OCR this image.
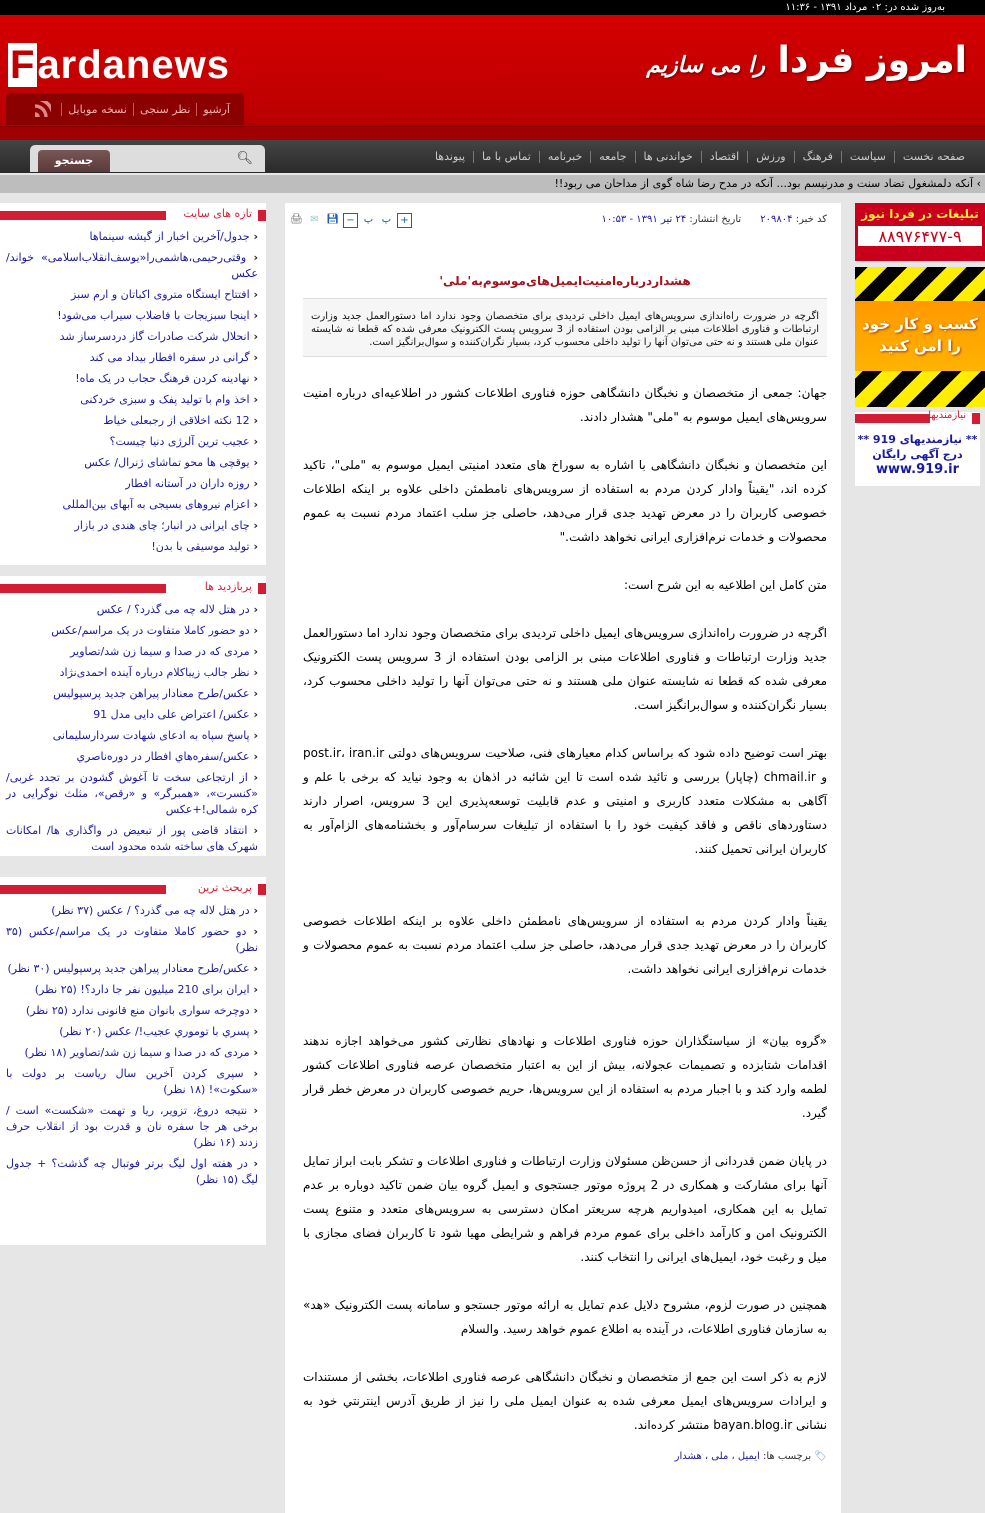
به‌روز شده در: ۰۲ مرداد ۱۳۹۱ - ۱۱:۳۶
Fardanews	امروز فردا را می سازیم
آرشیو
نظر سنجی
نسخه موبایل
صفحه نخست
سیاست
فرهنگ
ورزش
اقتصاد
خواندنی ها
جامعه
خبرنامه
تماس با ما
پیوندها
جستجو	🔍︎
› آنکه دلمشغول تضاد سنت و مدرنیسم بود... آنکه در مدح رضا شاه گوی از مداحان می ربود!!
تازه های سایت
‹ جدول/آخرین اخبار از گیشه سینماها
‹ وقتی‌رحیمی،هاشمی‌را«یوسف‌انقلاب‌اسلامی» خواند/عکس
‹ افتتاح ایستگاه متروی اکباتان و ارم سبز
‹ اینجا سبزیجات با فاضلاب سیراب می‌شود!
‹ انحلال شرکت صادرات گاز دردسرساز شد
‹ گرانی در سفره افطار بیداد می کند
‹ نهادینه کردن فرهنگ حجاب در یک ماه!
‹ اخذ وام با تولید پفک و سبزی خردکنی
‹ 12 نکته اخلاقی از رجبعلی خیاط
‹ عجیب ترین آلرژی دنیا چیست؟
‹ یوقچی ها محو تماشای ژنرال/ عکس
‹ روزه داران در آستانه افطار
‹ اعزام نیروهای بسیجی به آبهای بین‌المللی
‹ چای ایرانی در انبار؛ چای هندی در بازار
‹ تولید موسیقی با بدن!
پربازدید ها
‹ در هتل لاله چه می گذرد؟ / عکس
‹ دو حضور کاملا متفاوت در یک مراسم/عکس
‹ مردی که در صدا و سیما زن شد/تصاویر
‹ نظر جالب زیباکلام درباره آینده احمدی‌نژاد
‹ عکس/طرح معنادار پیراهن جدید پرسپولیس
‹ عکس/ اعتراض علی دایی مدل 91
‹ پاسخ سپاه به ادعای شهادت سردارسلیمانی
‹ عکس/سفره‌هاي افطار در دوره‌ناصري
‹ از ارتجاعی سخت تا آغوش گشودن بر تجدد غربی/ «کنسرت»، «همبرگر» و «رقص»، مثلث نوگرایی در کره شمالی!+عکس
‹ انتقاد قاضی پور از تبعیض در واگذاری ها/ امکانات شهرک های ساخته شده محدود است
پربحث ترین
‹ در هتل لاله چه می گذرد؟ / عکس (۳۷ نظر)
‹ دو حضور کاملا متفاوت در یک مراسم/عکس (۳۵ نظر)
‹ عکس/طرح معنادار پیراهن جدید پرسپولیس (۳۰ نظر)
‹ ایران برای 210 میلیون نفر جا دارد؟! (۲۵ نظر)
‹ دوچرخه سواری بانوان منع قانونی ندارد (۲۵ نظر)
‹ پسري با توموري عجيب!/ عكس (۲۰ نظر)
‹ مردی که در صدا و سیما زن شد/تصاویر (۱۸ نظر)
‹ سپری کردن آخرین سال ریاست بر دولت با «سکوت»! (۱۸ نظر)
‹ نتیجه دروغ، تزویر، ریا و تهمت «شکست» است / برخی هر جا سفره نان و قدرت بود از انقلاب حرف زدند (۱۶ نظر)
‹ در هفته اول لیگ برتر فوتبال چه گذشت؟ + جدول لیگ (۱۵ نظر)
کد خبر: ۲۰۹۸۰۴      تاریخ انتشار: ۲۴ تیر ۱۳۹۱ - ۱۰:۵۳
🖨︎ ✉︎ 💾︎ − پ پ +
هشداردرباره‌امنیت‌ایمیل‌های‌موسوم‌به'ملی'
اگرچه در ضرورت راه‌اندازی سرویس‌های ایمیل داخلی تردیدی برای متخصصان وجود ندارد اما دستورالعمل جدید وزارت ارتباطات و فناوری اطلاعات مبنی بر الزامی بودن استفاده از 3 سرویس پست الکترونیک معرفی شده که قطعا نه شایسته عنوان ملی هستند و نه حتی می‌توان آنها را تولید داخلی محسوب کرد، بسیار نگران‌کننده و سوال‌برانگیز است.

جهان: جمعی از متخصصان و نخبگان دانشگاهی حوزه فناوری اطلاعات کشور در اطلاعیه‌ای درباره امنیت سرویس‌های ایمیل موسوم به "ملی" هشدار دادند.

این متخصصان و نخبگان دانشگاهی با اشاره به سوراخ های متعدد امنیتی ایمیل موسوم به "ملی"، تاکید کرده اند، "یقیناً وادار کردن مردم به استفاده از سرویس‌های نامطمئن داخلی علاوه بر اینکه اطلاعات خصوصی کاربران را در معرض تهدید جدی قرار می‌دهد، حاصلی جز سلب اعتماد مردم نسبت به عموم محصولات و خدمات نرم‌افزاری ایرانی نخواهد داشت."

متن کامل این اطلاعیه به این شرح است:

اگرچه در ضرورت راه‌اندازی سرویس‌های ایمیل داخلی تردیدی برای متخصصان وجود ندارد اما دستورالعمل جدید وزارت ارتباطات و فناوری اطلاعات مبنی بر الزامی بودن استفاده از 3 سرویس پست الکترونیک معرفی شده که قطعا نه شایسته عنوان ملی هستند و نه حتی می‌توان آنها را تولید داخلی محسوب کرد، بسیار نگران‌کننده و سوال‌برانگیز است.

بهتر است توضیح داده شود که براساس کدام معیارهای فنی، صلاحیت سرویس‌های دولتی post.ir، iran.ir و chmail.ir (چاپار) بررسی و تائید شده است تا این شائبه در اذهان به وجود نیاید که برخی با علم و آگاهی به مشکلات متعدد کاربری و امنیتی و عدم قابلیت توسعه‌پذیری این 3 سرویس، اصرار دارند دستاوردهای ناقص و فاقد کیفیت خود را با استفاده از تبلیغات سرسام‌آور و بخشنامه‌های الزام‌آور به کاربران ایرانی تحمیل کنند.

یقیناً وادار کردن مردم به استفاده از سرویس‌های نامطمئن داخلی علاوه بر اینکه اطلاعات خصوصی کاربران را در معرض تهدید جدی قرار می‌دهد، حاصلی جز سلب اعتماد مردم نسبت به عموم محصولات و خدمات نرم‌افزاری ایرانی نخواهد داشت.

«گروه بیان» از سیاستگذاران حوزه فناوری اطلاعات و نهادهای نظارتی کشور می‌خواهد اجازه ندهند اقدامات شتابزده و تصمیمات عجولانه، بیش از این به اعتبار متخصصان عرصه فناوری اطلاعات کشور لطمه وارد کند و با اجبار مردم به استفاده از این سرویس‌ها، حریم خصوصی کاربران در معرض خطر قرار گیرد.

در پایان ضمن قدردانی از حسن‌ظن مسئولان وزارت ارتباطات و فناوری اطلاعات و تشکر بابت ابراز تمایل آنها برای مشارکت و همکاری در 2 پروژه موتور جستجوی و ایمیل گروه بیان ضمن تاکید دوباره بر عدم تمایل به این همکاری، امیدواریم هرچه سریعتر امکان دسترسی به سرویس‌های متعدد و متنوع پست الکترونیک امن و کارآمد داخلی برای عموم مردم فراهم و شرایطی مهیا شود تا کاربران فضای مجازی با میل و رغبت خود، ایمیل‌های ایرانی را انتخاب کنند.

همچنین در صورت لزوم، مشروح دلایل عدم تمایل به ارائه موتور جستجو و سامانه پست الکترونیک «هد» به سازمان فناوری اطلاعات، در آینده به اطلاع عموم خواهد رسید. والسلام

لازم به ذکر است این جمع از متخصصان و نخبگان دانشگاهی عرصه فناوری اطلاعات، بخشی از مستندات و ایرادات سرویس‌های ایمیل معرفی شده به عنوان ایمیل ملی را نیز از طریق آدرس اینترنتي خود به نشانی bayan.blog.ir منتشر کرده‌اند.

🏷︎ برچسب ها: ایمیل ، ملی ، هشدار
تبلیغات در فردا نیوز
۸۸۹۷۶۴۷۷-۹
کسب و کار خود را امن کنید
نیازمندیها
** نیازمندیهای 919 **
درج آگهی رایگان
www.919.ir
